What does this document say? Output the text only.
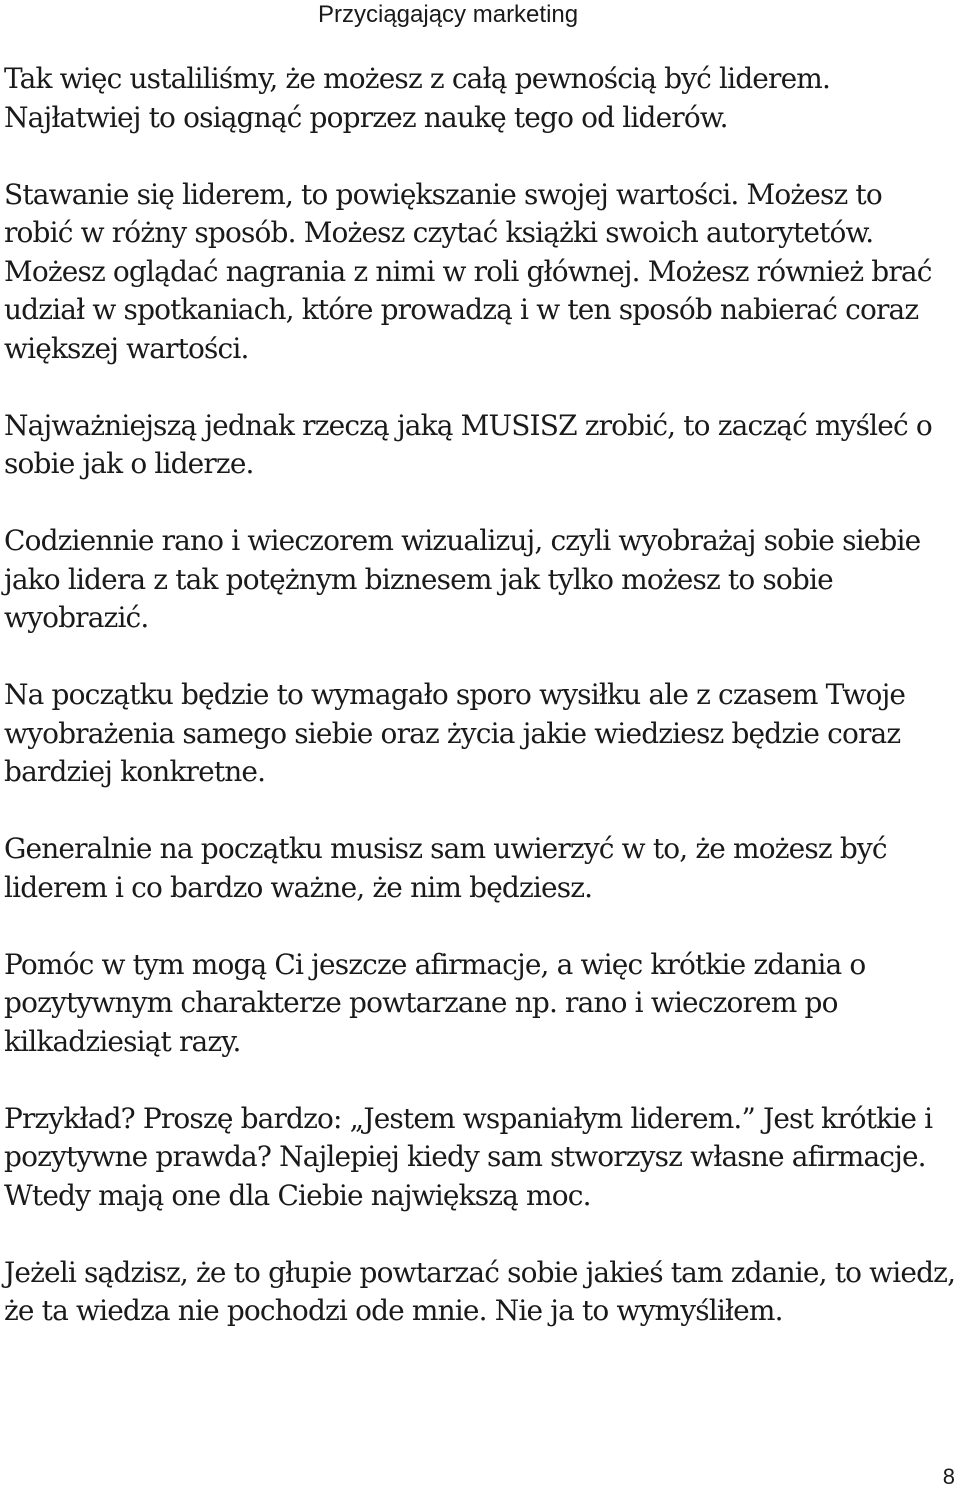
Przyciągający marketing

Tak więc ustaliliśmy, że możesz z całą pewnością być liderem. Najłatwiej to osiągnąć poprzez naukę tego od liderów.

Stawanie się liderem, to powiększanie swojej wartości. Możesz to robić w różny sposób. Możesz czytać książki swoich autorytetów. Możesz oglądać nagrania z nimi w roli głównej. Możesz również brać udział w spotkaniach, które prowadzą i w ten sposób nabierać coraz większej wartości.

Najważniejszą jednak rzeczą jaką MUSISZ zrobić, to zacząć myśleć o sobie jak o liderze.

Codziennie rano i wieczorem wizualizuj, czyli wyobrażaj sobie siebie jako lidera z tak potężnym biznesem jak tylko możesz to sobie wyobrazić.

Na początku będzie to wymagało sporo wysiłku ale z czasem Twoje wyobrażenia samego siebie oraz życia jakie wiedziesz będzie coraz bardziej konkretne.

Generalnie na początku musisz sam uwierzyć w to, że możesz być liderem i co bardzo ważne, że nim będziesz.

Pomóc w tym mogą Ci jeszcze afirmacje, a więc krótkie zdania o pozytywnym charakterze powtarzane np. rano i wieczorem po kilkadziesiąt razy.

Przykład? Proszę bardzo: „Jestem wspaniałym liderem.” Jest krótkie i pozytywne prawda? Najlepiej kiedy sam stworzysz własne afirmacje. Wtedy mają one dla Ciebie największą moc.

Jeżeli sądzisz, że to głupie powtarzać sobie jakieś tam zdanie, to wiedz, że ta wiedza nie pochodzi ode mnie. Nie ja to wymyśliłem.

8
